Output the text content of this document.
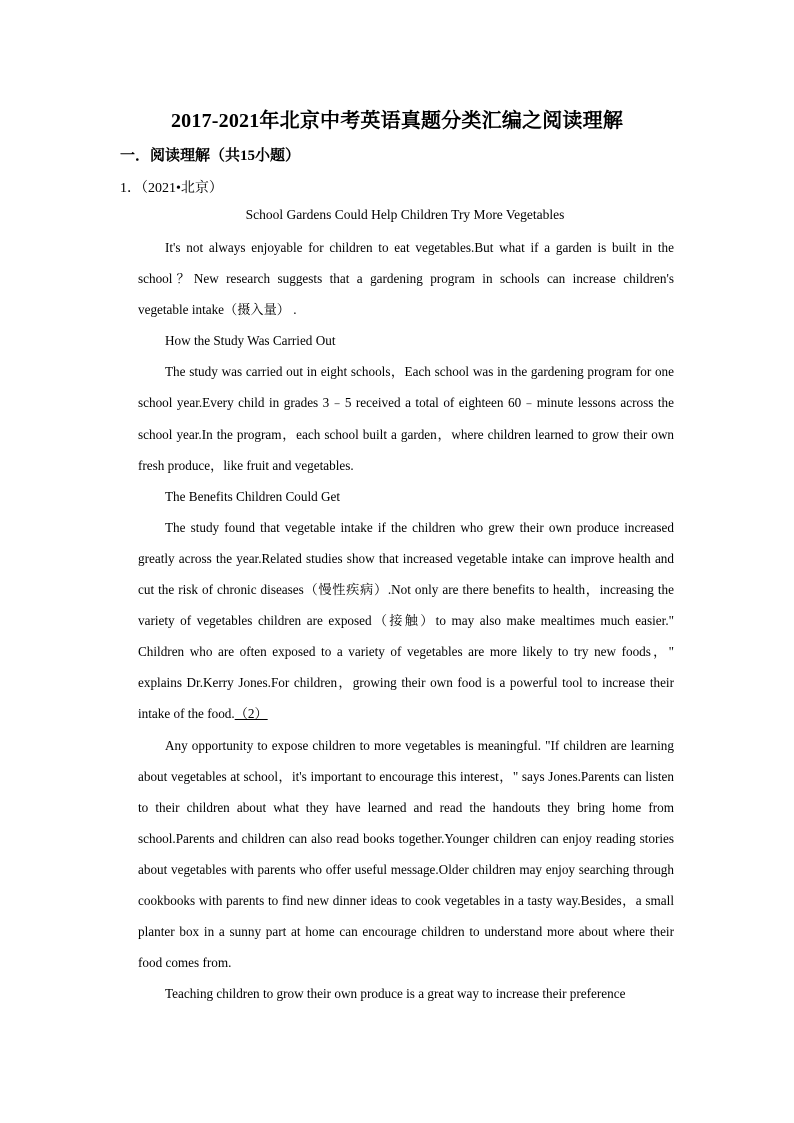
2017-2021年北京中考英语真题分类汇编之阅读理解
一．阅读理解（共15小题）
1．（2021•北京）
School Gardens Could Help Children Try More Vegetables

It's not always enjoyable for children to eat vegetables.But what if a garden is built in the school？New research suggests that a gardening program in schools can increase children's vegetable intake（摄入量） .

How the Study Was Carried Out

The study was carried out in eight schools，Each school was in the gardening program for one school year.Every child in grades 3﹣5 received a total of eighteen 60﹣minute lessons across the school year.In the program，each school built a garden，where children learned to grow their own fresh produce，like fruit and vegetables.

The Benefits Children Could Get

The study found that vegetable intake if the children who grew their own produce increased greatly across the year.Related studies show that increased vegetable intake can improve health and cut the risk of chronic diseases（慢性疾病）.Not only are there benefits to health，increasing the variety of vegetables children are exposed（接触）to may also make mealtimes much easier." Children who are often exposed to a variety of vegetables are more likely to try new foods，" explains Dr.Kerry Jones.For children，growing their own food is a powerful tool to increase their intake of the food.（2）

Any opportunity to expose children to more vegetables is meaningful. "If children are learning about vegetables at school，it's important to encourage this interest，" says Jones.Parents can listen to their children about what they have learned and read the handouts they bring home from school.Parents and children can also read books together.Younger children can enjoy reading stories about vegetables with parents who offer useful message.Older children may enjoy searching through cookbooks with parents to find new dinner ideas to cook vegetables in a tasty way.Besides，a small planter box in a sunny part at home can encourage children to understand more about where their food comes from.

Teaching children to grow their own produce is a great way to increase their preference
